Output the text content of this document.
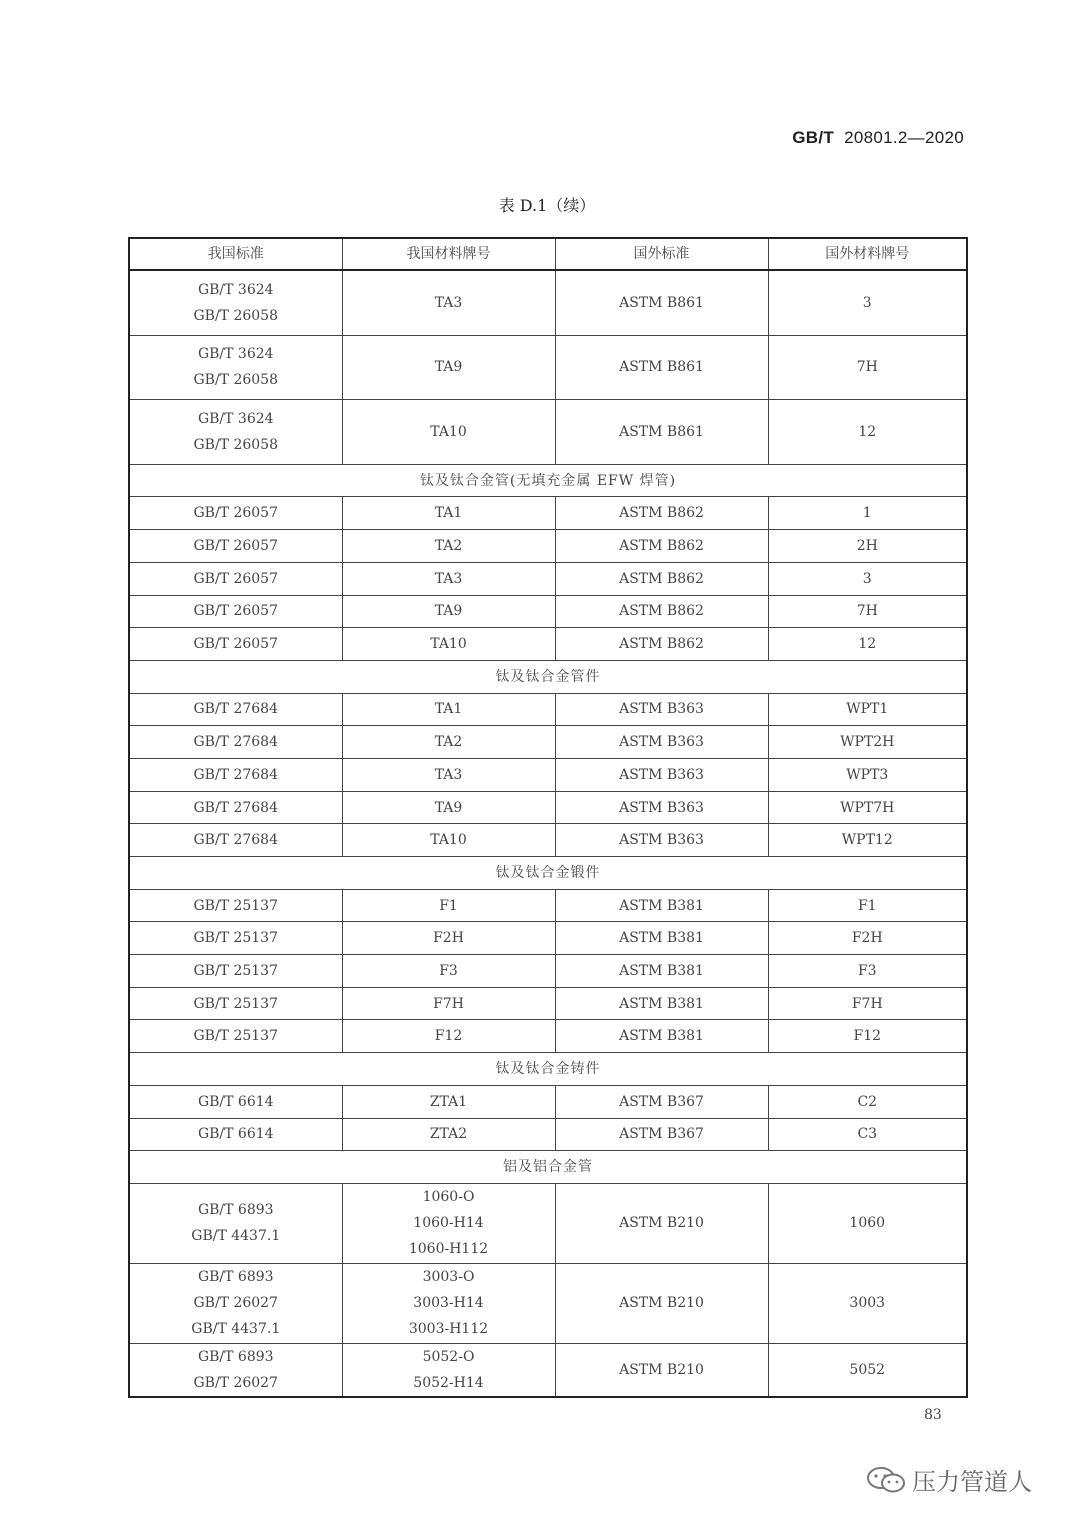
GB/T 20801.2—2020
表 D.1（续）
我国标准	我国材料牌号	国外标准	国外材料牌号

GB/T 3624
GB/T 26058	TA3	ASTM B861	3

GB/T 3624
GB/T 26058	TA9	ASTM B861	7H

GB/T 3624
GB/T 26058	TA10	ASTM B861	12
钛及钛合金管(无填充金属 EFW 焊管)			
GB/T 26057	TA1	ASTM B862	1
GB/T 26057	TA2	ASTM B862	2H
GB/T 26057	TA3	ASTM B862	3
GB/T 26057	TA9	ASTM B862	7H
GB/T 26057	TA10	ASTM B862	12
钛及钛合金管件			
GB/T 27684	TA1	ASTM B363	WPT1
GB/T 27684	TA2	ASTM B363	WPT2H
GB/T 27684	TA3	ASTM B363	WPT3
GB/T 27684	TA9	ASTM B363	WPT7H
GB/T 27684	TA10	ASTM B363	WPT12
钛及钛合金锻件			
GB/T 25137	F1	ASTM B381	F1
GB/T 25137	F2H	ASTM B381	F2H
GB/T 25137	F3	ASTM B381	F3
GB/T 25137	F7H	ASTM B381	F7H
GB/T 25137	F12	ASTM B381	F12
钛及钛合金铸件			
GB/T 6614	ZTA1	ASTM B367	C2
GB/T 6614	ZTA2	ASTM B367	C3
铝及铝合金管			

GB/T 6893
GB/T 4437.1	1060-O
1060-H14
1060-H112	ASTM B210	1060

GB/T 6893
GB/T 26027
GB/T 4437.1	3003-O
3003-H14
3003-H112	ASTM B210	3003

GB/T 6893
GB/T 26027	5052-O
5052-H14	ASTM B210	5052
83
压力管道人
